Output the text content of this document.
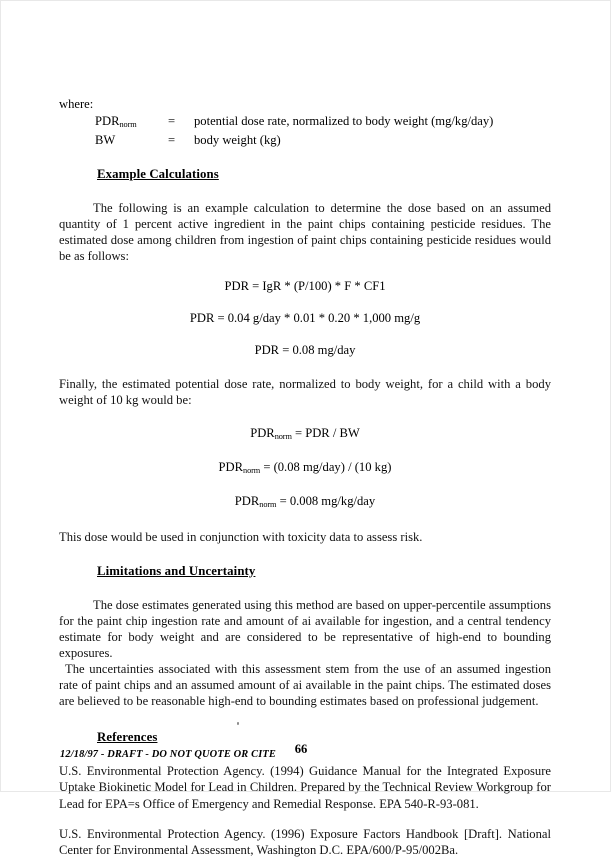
where:
$PDR_{norm}$	=	potential dose rate, normalized to body weight (mg/kg/day)
BW	=	body weight (kg)
Example Calculations

The following is an example calculation to determine the dose based on an assumed quantity of 1 percent active ingredient in the paint chips containing pesticide residues. The estimated dose among children from ingestion of paint chips containing pesticide residues would be as follows:

PDR = IgR * (P/100) * F * CF1
PDR = 0.04 g/day * 0.01 * 0.20 * 1,000 mg/g
PDR = 0.08 mg/day

Finally, the estimated potential dose rate, normalized to body weight, for a child with a body weight of 10 kg would be:

$PDR_{norm}$ = PDR / BW
$PDR_{norm} = (0.08$ mg/day) / (10 kg)
$PDR_{norm} = 0.008$ mg/kg/day

This dose would be used in conjunction with toxicity data to assess risk.

Limitations and Uncertainty

The dose estimates generated using this method are based on upper-percentile assumptions for the paint chip ingestion rate and amount of ai available for ingestion, and a central tendency estimate for body weight and are considered to be representative of high-end to bounding exposures.

The uncertainties associated with this assessment stem from the use of an assumed ingestion rate of paint chips and an assumed amount of ai available in the paint chips. The estimated doses are believed to be reasonable high-end to bounding estimates based on professional judgement.

References

U.S. Environmental Protection Agency. (1994) Guidance Manual for the Integrated Exposure Uptake Biokinetic Model for Lead in Children. Prepared by the Technical Review Workgroup for Lead for EPA=s Office of Emergency and Remedial Response. EPA 540-R-93-081.

U.S. Environmental Protection Agency. (1996) Exposure Factors Handbook [Draft]. National Center for Environmental Assessment, Washington D.C. EPA/600/P-95/002Ba.

12/18/97 - DRAFT - DO NOT QUOTE OR CITE	66
